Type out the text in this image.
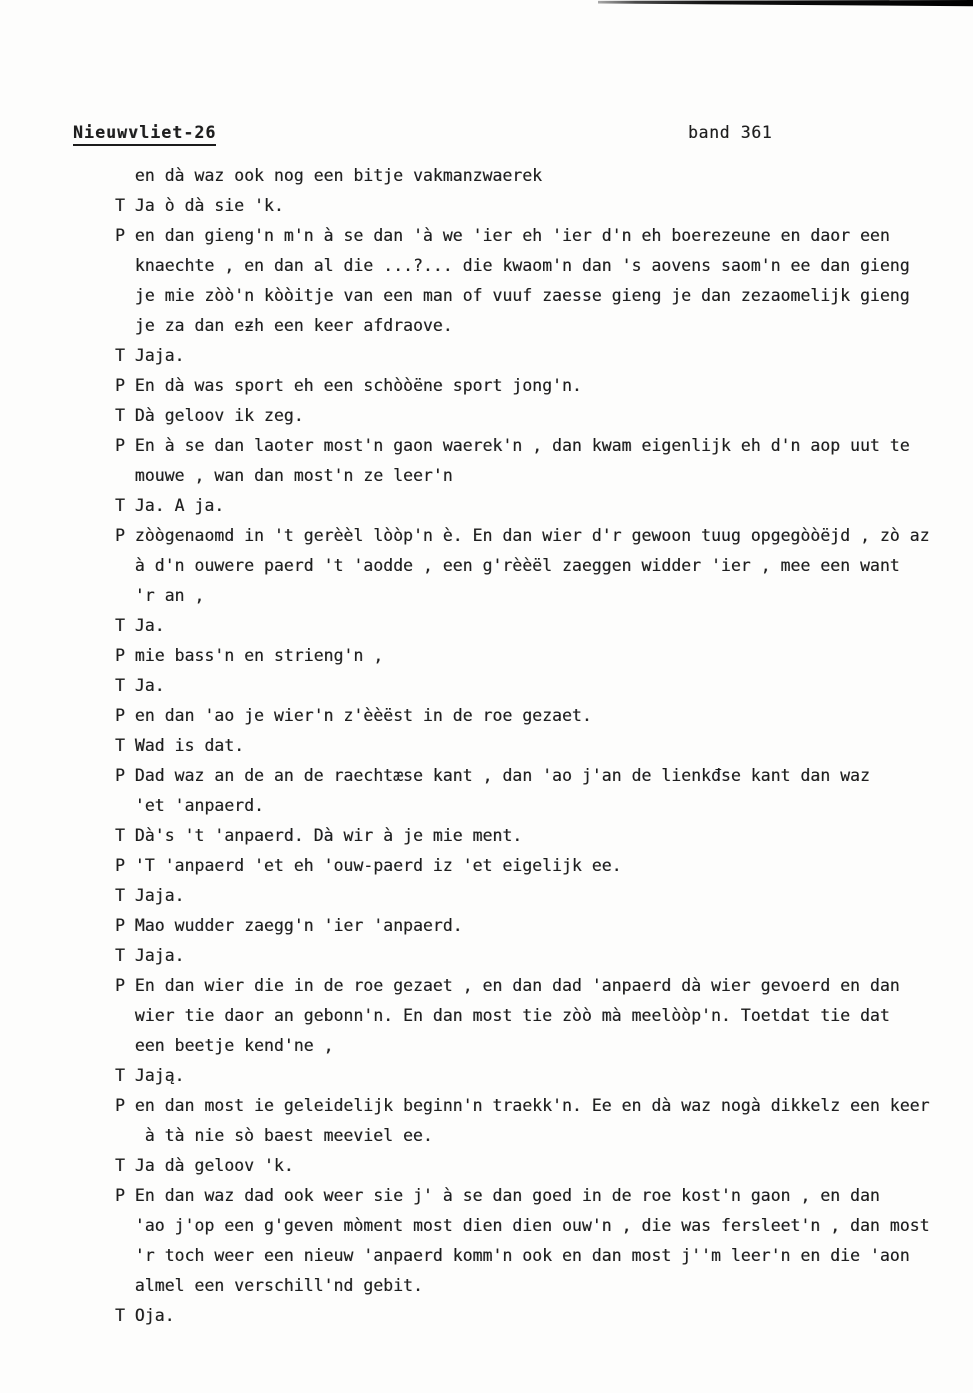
Nieuwvliet-26	band 361
en dà waz ook nog een bitje vakmanzwaerek
T Ja ò dà sie 'k.
P en dan gieng'n m'n à se dan 'à we 'ier eh 'ier d'n eh boerezeune en daor een
knaechte , en dan al die ...?... die kwaom'n dan 's aovens saom'n ee dan gieng
je mie zòò'n kòòitje van een man of vuuf zaesse gieng je dan zezaomelijk gieng
je za dan eƶh een keer afdraove.
T Jaja.
P En dà was sport eh een schòòëne sport jong'n.
T Dà geloov ik zeg.
P En à se dan laoter most'n gaon waerek'n , dan kwam eigenlijk eh d'n aop uut te
mouwe , wan dan most'n ze leer'n
T Ja. A ja.
P zòògenaomd in 't gerèèl lòòp'n è. En dan wier d'r gewoon tuug opgegòòëjd , zò az
à d'n ouwere paerd 't 'aodde , een g'rèèël zaeggen widder 'ier , mee een want
'r an ,
T Ja.
P mie bass'n en strieng'n ,
T Ja.
P en dan 'ao je wier'n z'èèëst in de roe gezaet.
T Wad is dat.
P Dad waz an de an de raechtæse kant , dan 'ao j'an de lienkđse kant dan waz
'et 'anpaerd.
T Dà's 't 'anpaerd. Dà wir à je mie ment.
P 'T 'anpaerd 'et eh 'ouw-paerd iz 'et eigelijk ee.
T Jaja.
P Mao wudder zaegg'n 'ier 'anpaerd.
T Jaja.
P En dan wier die in de roe gezaet , en dan dad 'anpaerd dà wier gevoerd en dan
wier tie daor an gebonn'n. En dan most tie zòò mà meelòòp'n. Toetdat tie dat
een beetje kend'ne ,
T Jają.
P en dan most ie geleidelijk beginn'n traekk'n. Ee en dà waz nogà dikkelz een keer
à tà nie sò baest meeviel ee.
T Ja dà geloov 'k.
P En dan waz dad ook weer sie j' à se dan goed in de roe kost'n gaon , en dan
'ao j'op een g'geven mòment most dien dien ouw'n , die was fersleet'n , dan most
'r toch weer een nieuw 'anpaerd komm'n ook en dan most j''m leer'n en die 'aon
almel een verschill'nd gebit.
T Oja.
